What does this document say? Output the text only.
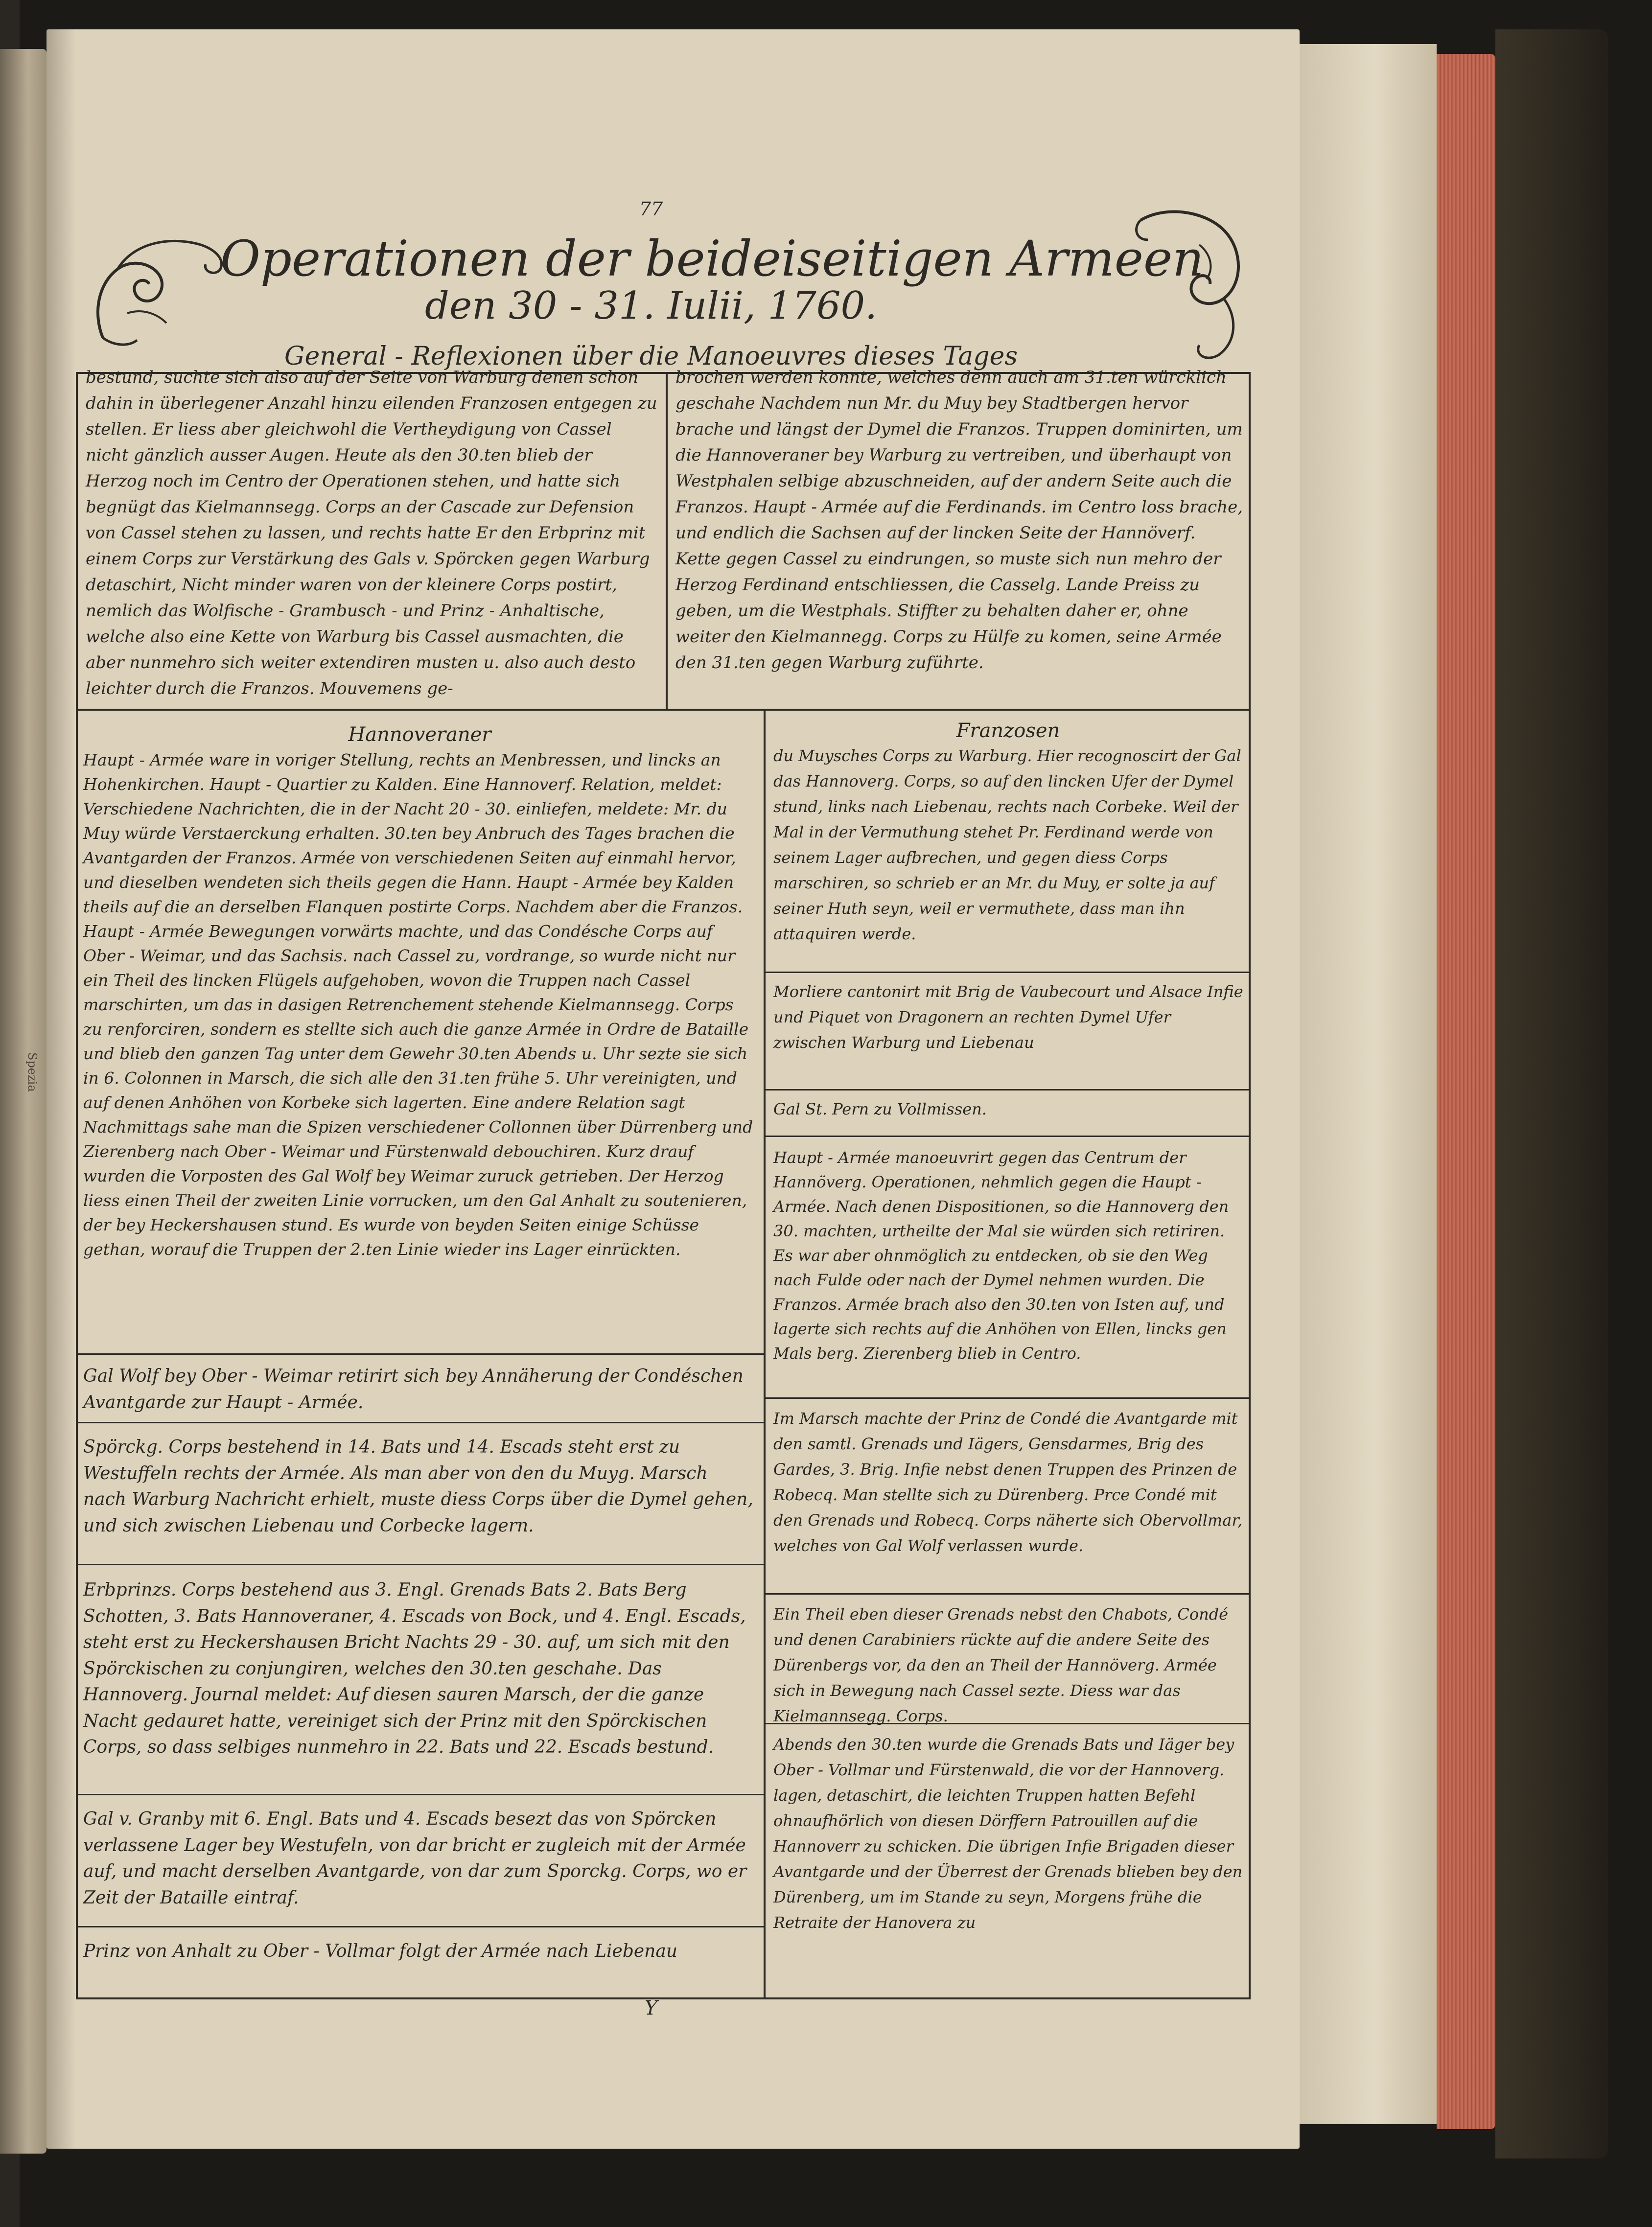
Spezia
77
Operationen der beideiseitigen Armeen
den 30 - 31. Iulii, 1760.
General - Reflexionen über die Manoeuvres dieses Tages

bestund, suchte sich also auf der Seite von Warburg denen schon dahin in überlegener Anzahl hinzu eilenden Franzosen entgegen zu stellen. Er liess aber gleichwohl die Vertheydigung von Cassel nicht gänzlich ausser Augen. Heute als den 30.ten blieb der Herzog noch im Centro der Operationen stehen, und hatte sich begnügt das Kielmannsegg. Corps an der Cascade zur Defension von Cassel stehen zu lassen, und rechts hatte Er den Erbprinz mit einem Corps zur Verstärkung des Gals v. Spörcken gegen Warburg detaschirt, Nicht minder waren von der kleinere Corps postirt, nemlich das Wolfische - Grambusch - und Prinz - Anhaltische, welche also eine Kette von Warburg bis Cassel ausmachten, die aber nunmehro sich weiter extendiren musten u. also auch desto leichter durch die Franzos. Mouvemens ge-

brochen werden konnte, welches denn auch am 31.ten würcklich geschahe Nachdem nun Mr. du Muy bey Stadtbergen hervor brache und längst der Dymel die Franzos. Truppen dominirten, um die Hannoveraner bey Warburg zu vertreiben, und überhaupt von Westphalen selbige abzuschneiden, auf der andern Seite auch die Franzos. Haupt - Armée auf die Ferdinands. im Centro loss brache, und endlich die Sachsen auf der lincken Seite der Hannöverf. Kette gegen Cassel zu eindrungen, so muste sich nun mehro der Herzog Ferdinand entschliessen, die Casselg. Lande Preiss zu geben, um die Westphals. Stiffter zu behalten daher er, ohne weiter den Kielmannegg. Corps zu Hülfe zu komen, seine Armée den 31.ten gegen Warburg zuführte.

Hannoveraner	Franzosen

Haupt - Armée ware in voriger Stellung, rechts an Menbressen, und lincks an Hohenkirchen. Haupt - Quartier zu Kalden. Eine Hannoverf. Relation, meldet: Verschiedene Nachrichten, die in der Nacht 20 - 30. einliefen, meldete: Mr. du Muy würde Verstaerckung erhalten. 30.ten bey Anbruch des Tages brachen die Avantgarden der Franzos. Armée von verschiedenen Seiten auf einmahl hervor, und dieselben wendeten sich theils gegen die Hann. Haupt - Armée bey Kalden theils auf die an derselben Flanquen postirte Corps. Nachdem aber die Franzos. Haupt - Armée Bewegungen vorwärts machte, und das Condésche Corps auf Ober - Weimar, und das Sachsis. nach Cassel zu, vordrange, so wurde nicht nur ein Theil des lincken Flügels aufgehoben, wovon die Truppen nach Cassel marschirten, um das in dasigen Retrenchement stehende Kielmannsegg. Corps zu renforciren, sondern es stellte sich auch die ganze Armée in Ordre de Bataille und blieb den ganzen Tag unter dem Gewehr 30.ten Abends u. Uhr sezte sie sich in 6. Colonnen in Marsch, die sich alle den 31.ten frühe 5. Uhr vereinigten, und auf denen Anhöhen von Korbeke sich lagerten. Eine andere Relation sagt Nachmittags sahe man die Spizen verschiedener Collonnen über Dürrenberg und Zierenberg nach Ober - Weimar und Fürstenwald debouchiren. Kurz drauf wurden die Vorposten des Gal Wolf bey Weimar zuruck getrieben. Der Herzog liess einen Theil der zweiten Linie vorrucken, um den Gal Anhalt zu soutenieren, der bey Heckershausen stund. Es wurde von beyden Seiten einige Schüsse gethan, worauf die Truppen der 2.ten Linie wieder ins Lager einrückten.

Gal Wolf bey Ober - Weimar retirirt sich bey Annäherung der Condéschen Avantgarde zur Haupt - Armée.

Spörckg. Corps bestehend in 14. Bats und 14. Escads steht erst zu Westuffeln rechts der Armée. Als man aber von den du Muyg. Marsch nach Warburg Nachricht erhielt, muste diess Corps über die Dymel gehen, und sich zwischen Liebenau und Corbecke lagern.

Erbprinzs. Corps bestehend aus 3. Engl. Grenads Bats 2. Bats Berg Schotten, 3. Bats Hannoveraner, 4. Escads von Bock, und 4. Engl. Escads, steht erst zu Heckershausen Bricht Nachts 29 - 30. auf, um sich mit den Spörckischen zu conjungiren, welches den 30.ten geschahe. Das Hannoverg. Journal meldet: Auf diesen sauren Marsch, der die ganze Nacht gedauret hatte, vereiniget sich der Prinz mit den Spörckischen Corps, so dass selbiges nunmehro in 22. Bats und 22. Escads bestund.

Gal v. Granby mit 6. Engl. Bats und 4. Escads besezt das von Spörcken verlassene Lager bey Westufeln, von dar bricht er zugleich mit der Armée auf, und macht derselben Avantgarde, von dar zum Sporckg. Corps, wo er Zeit der Bataille eintraf.

Prinz von Anhalt zu Ober - Vollmar folgt der Armée nach Liebenau

du Muysches Corps zu Warburg. Hier recognoscirt der Gal das Hannoverg. Corps, so auf den lincken Ufer der Dymel stund, links nach Liebenau, rechts nach Corbeke. Weil der Mal in der Vermuthung stehet Pr. Ferdinand werde von seinem Lager aufbrechen, und gegen diess Corps marschiren, so schrieb er an Mr. du Muy, er solte ja auf seiner Huth seyn, weil er vermuthete, dass man ihn attaquiren werde.

Morliere cantonirt mit Brig de Vaubecourt und Alsace Infie und Piquet von Dragonern an rechten Dymel Ufer zwischen Warburg und Liebenau

Gal St. Pern zu Vollmissen.

Haupt - Armée manoeuvrirt gegen das Centrum der Hannöverg. Operationen, nehmlich gegen die Haupt - Armée. Nach denen Dispositionen, so die Hannoverg den 30. machten, urtheilte der Mal sie würden sich retiriren. Es war aber ohnmöglich zu entdecken, ob sie den Weg nach Fulde oder nach der Dymel nehmen wurden. Die Franzos. Armée brach also den 30.ten von Isten auf, und lagerte sich rechts auf die Anhöhen von Ellen, lincks gen Mals berg. Zierenberg blieb in Centro.

Im Marsch machte der Prinz de Condé die Avantgarde mit den samtl. Grenads und Iägers, Gensdarmes, Brig des Gardes, 3. Brig. Infie nebst denen Truppen des Prinzen de Robecq. Man stellte sich zu Dürenberg. Prce Condé mit den Grenads und Robecq. Corps näherte sich Obervollmar, welches von Gal Wolf verlassen wurde.

Ein Theil eben dieser Grenads nebst den Chabots, Condé und denen Carabiniers rückte auf die andere Seite des Dürenbergs vor, da den an Theil der Hannöverg. Armée sich in Bewegung nach Cassel sezte. Diess war das Kielmannsegg. Corps.

Abends den 30.ten wurde die Grenads Bats und Iäger bey Ober - Vollmar und Fürstenwald, die vor der Hannoverg. lagen, detaschirt, die leichten Truppen hatten Befehl ohnaufhörlich von diesen Dörffern Patrouillen auf die Hannoverr zu schicken. Die übrigen Infie Brigaden dieser Avantgarde und der Überrest der Grenads blieben bey den Dürenberg, um im Stande zu seyn, Morgens frühe die Retraite der Hanovera zu

Y
